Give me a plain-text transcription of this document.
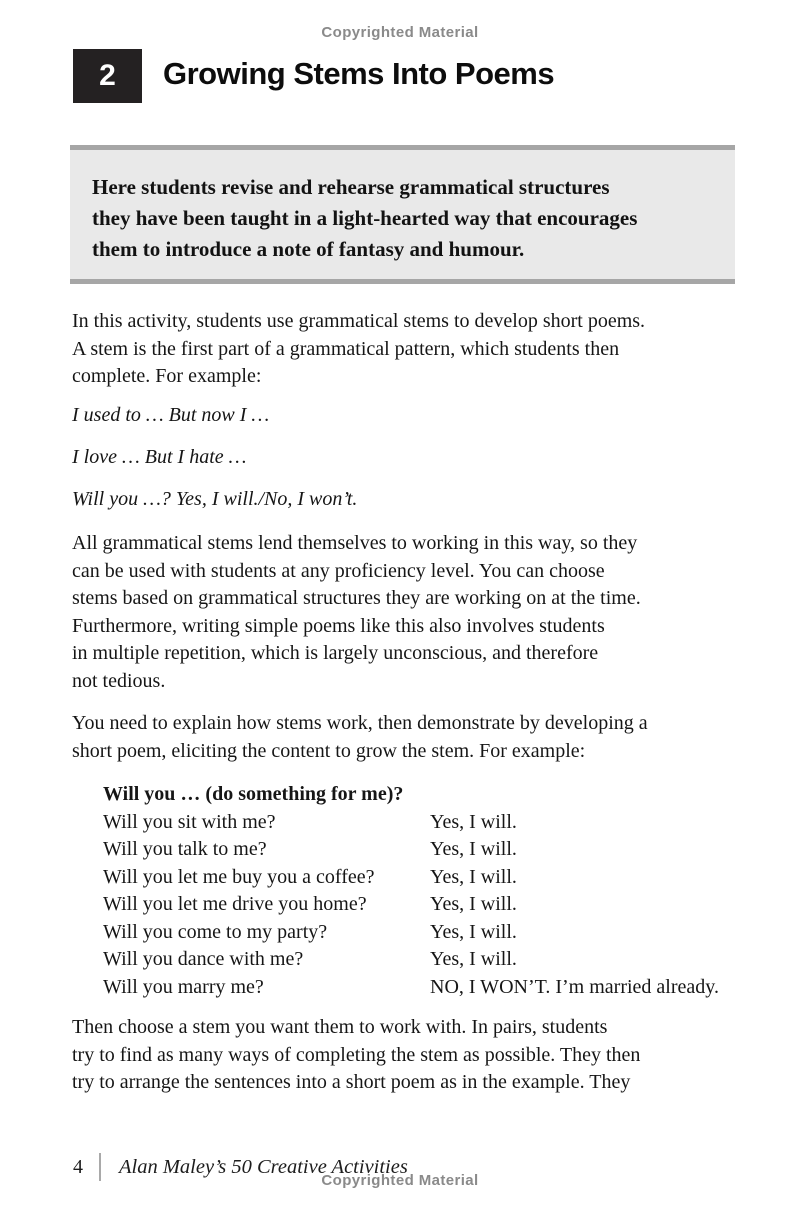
Copyrighted Material
2 Growing Stems Into Poems
Here students revise and rehearse grammatical structures
they have been taught in a light-hearted way that encourages
them to introduce a note of fantasy and humour.
In this activity, students use grammatical stems to develop short poems.
A stem is the first part of a grammatical pattern, which students then
complete. For example:
I used to … But now I …
I love … But I hate …
Will you …? Yes, I will./No, I won’t.
All grammatical stems lend themselves to working in this way, so they
can be used with students at any proficiency level. You can choose
stems based on grammatical structures they are working on at the time.
Furthermore, writing simple poems like this also involves students
in multiple repetition, which is largely unconscious, and therefore
not tedious.
You need to explain how stems work, then demonstrate by developing a
short poem, eliciting the content to grow the stem. For example:
Will you … (do something for me)?
Will you sit with me?	Yes, I will.
Will you talk to me?	Yes, I will.
Will you let me buy you a coffee?	Yes, I will.
Will you let me drive you home?	Yes, I will.
Will you come to my party?	Yes, I will.
Will you dance with me?	Yes, I will.
Will you marry me?	NO, I WON’T. I’m married already.
Then choose a stem you want them to work with. In pairs, students
try to find as many ways of completing the stem as possible. They then
try to arrange the sentences into a short poem as in the example. They
4 Alan Maley’s 50 Creative Activities
Copyrighted Material
